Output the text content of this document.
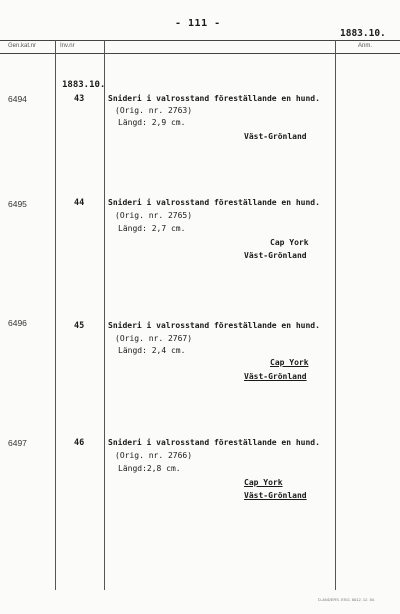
- 111 -
1883.10.
Gen.kat.nr	Inv.nr	Anm.
1883.10.
6494	43	Snideri i valrosstand föreställande en hund.
(Orig. nr. 2763)
Längd: 2,9 cm.
Väst-Grönland
6495	44	Snideri i valrosstand föreställande en hund.
(Orig. nr. 2765)
Längd: 2,7 cm.
Cap York
Väst-Grönland
6496	45	Snideri i valrosstand föreställande en hund.
(Orig. nr. 2767)
Längd: 2,4 cm.
Cap York
Väst-Grönland
6497	46	Snideri i valrosstand föreställande en hund.
(Orig. nr. 2766)
Längd:2,8 cm.
Cap York
Väst-Grönland
D-ANDERS. ESG. 6612. 12. 54.
